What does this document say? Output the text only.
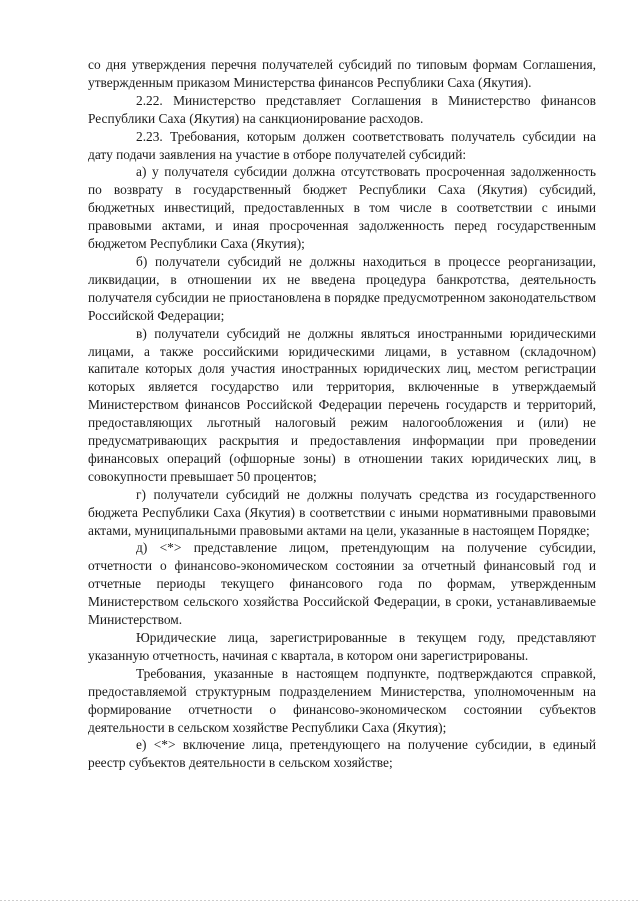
со дня утверждения перечня получателей субсидий по типовым формам Соглашения, утвержденным приказом Министерства финансов Республики Саха (Якутия).

2.22. Министерство представляет Соглашения в Министерство финансов Республики Саха (Якутия) на санкционирование расходов.

2.23. Требования, которым должен соответствовать получатель субсидии на дату подачи заявления на участие в отборе получателей субсидий:

а) у получателя субсидии должна отсутствовать просроченная задолженность по возврату в государственный бюджет Республики Саха (Якутия) субсидий, бюджетных инвестиций, предоставленных в том числе в соответствии с иными правовыми актами, и иная просроченная задолженность перед государственным бюджетом Республики Саха (Якутия);

б) получатели субсидий не должны находиться в процессе реорганизации, ликвидации, в отношении их не введена процедура банкротства, деятельность получателя субсидии не приостановлена в порядке предусмотренном законодательством Российской Федерации;

в) получатели субсидий не должны являться иностранными юридическими лицами, а также российскими юридическими лицами, в уставном (складочном) капитале которых доля участия иностранных юридических лиц, местом регистрации которых является государство или территория, включенные в утверждаемый Министерством финансов Российской Федерации перечень государств и территорий, предоставляющих льготный налоговый режим налогообложения и (или) не предусматривающих раскрытия и предоставления информации при проведении финансовых операций (офшорные зоны) в отношении таких юридических лиц, в совокупности превышает 50 процентов;

г) получатели субсидий не должны получать средства из государственного бюджета Республики Саха (Якутия) в соответствии с иными нормативными правовыми актами, муниципальными правовыми актами на цели, указанные в настоящем Порядке;

д) <*> представление лицом, претендующим на получение субсидии, отчетности о финансово-экономическом состоянии за отчетный финансовый год и отчетные периоды текущего финансового года по формам, утвержденным Министерством сельского хозяйства Российской Федерации, в сроки, устанавливаемые Министерством.

Юридические лица, зарегистрированные в текущем году, представляют указанную отчетность, начиная с квартала, в котором они зарегистрированы.

Требования, указанные в настоящем подпункте, подтверждаются справкой, предоставляемой структурным подразделением Министерства, уполномоченным на формирование отчетности о финансово-экономическом состоянии субъектов деятельности в сельском хозяйстве Республики Саха (Якутия);

е) <*> включение лица, претендующего на получение субсидии, в единый реестр субъектов деятельности в сельском хозяйстве;
